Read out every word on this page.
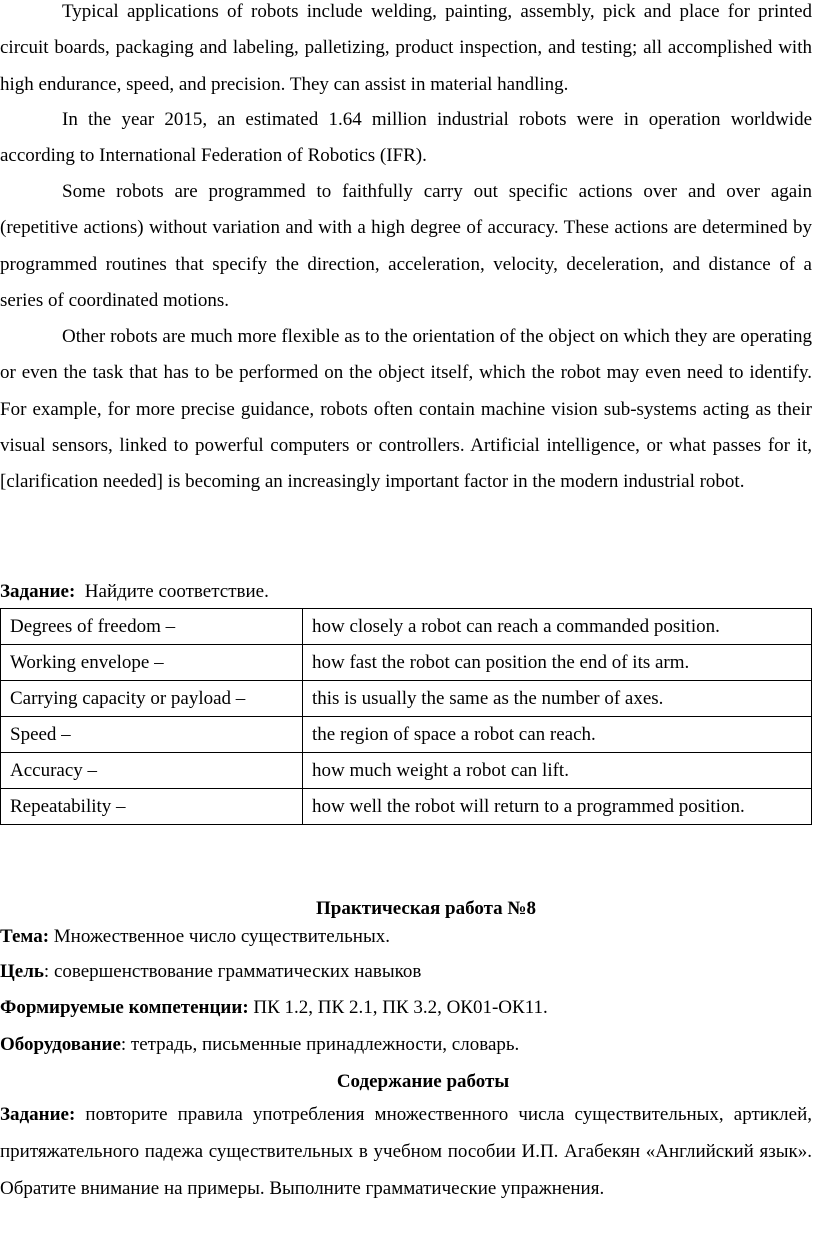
Typical applications of robots include welding, painting, assembly, pick and place for printed circuit boards, packaging and labeling, palletizing, product inspection, and testing; all accomplished with high endurance, speed, and precision. They can assist in material handling.

In the year 2015, an estimated 1.64 million industrial robots were in operation worldwide according to International Federation of Robotics (IFR).

Some robots are programmed to faithfully carry out specific actions over and over again (repetitive actions) without variation and with a high degree of accuracy. These actions are determined by programmed routines that specify the direction, acceleration, velocity, deceleration, and distance of a series of coordinated motions.

Other robots are much more flexible as to the orientation of the object on which they are operating or even the task that has to be performed on the object itself, which the robot may even need to identify. For example, for more precise guidance, robots often contain machine vision sub-systems acting as their visual sensors, linked to powerful computers or controllers. Artificial intelligence, or what passes for it,[clarification needed] is becoming an increasingly important factor in the modern industrial robot.

Задание: Найдите соответствие.

Degrees of freedom –	how closely a robot can reach a commanded position.
Working envelope –	how fast the robot can position the end of its arm.
Carrying capacity or payload –	this is usually the same as the number of axes.
Speed –	the region of space a robot can reach.
Accuracy –	how much weight a robot can lift.
Repeatability –	how well the robot will return to a programmed position.

Практическая работа №8

Тема: Множественное число существительных.

Цель: совершенствование грамматических навыков

Формируемые компетенции: ПК 1.2, ПК 2.1, ПК 3.2, ОК01-ОК11.

Оборудование: тетрадь, письменные принадлежности, словарь.

Содержание работы

Задание: повторите правила употребления множественного числа существительных, артиклей, притяжательного падежа существительных в учебном пособии И.П. Агабекян «Английский язык». Обратите внимание на примеры. Выполните грамматические упражнения.
